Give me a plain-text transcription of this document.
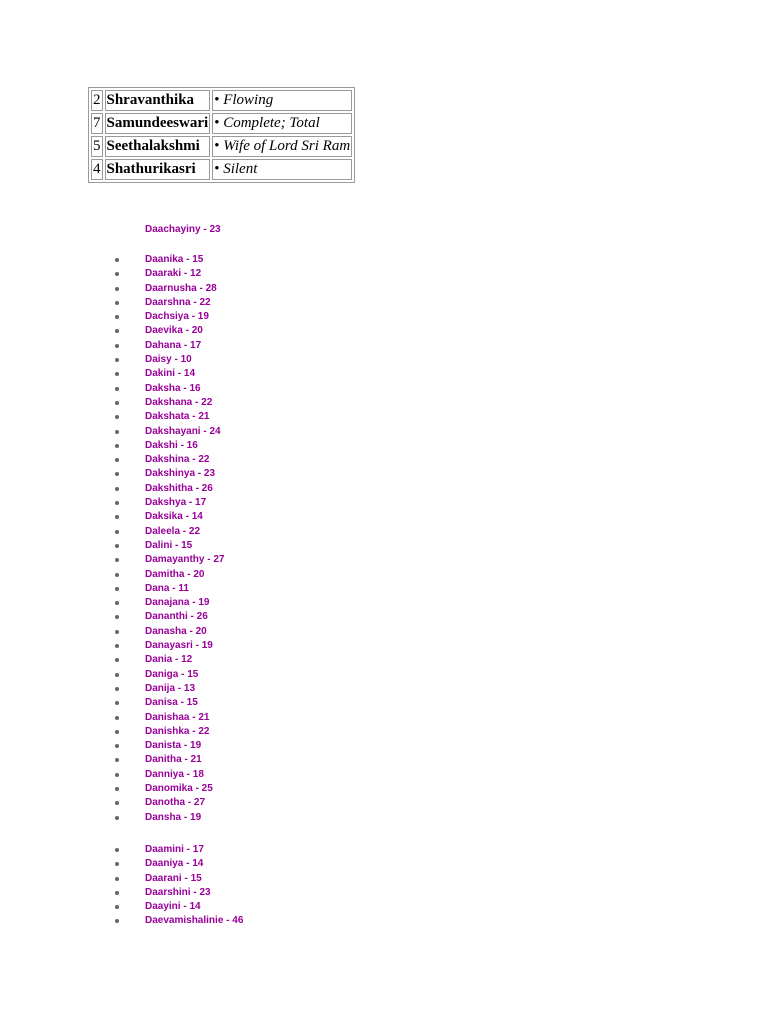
2	Shravanthika	• Flowing
7	Samundeeswari	• Complete; Total
5	Seethalakshmi	• Wife of Lord Sri Ram
4	Shathurikasri	• Silent

Daachayiny - 23

Daanika - 15
Daaraki - 12
Daarnusha - 28
Daarshna - 22
Dachsiya - 19
Daevika - 20
Dahana - 17
Daisy - 10
Dakini - 14
Daksha - 16
Dakshana - 22
Dakshata - 21
Dakshayani - 24
Dakshi - 16
Dakshina - 22
Dakshinya - 23
Dakshitha - 26
Dakshya - 17
Daksika - 14
Daleela - 22
Dalini - 15
Damayanthy - 27
Damitha - 20
Dana - 11
Danajana - 19
Dananthi - 26
Danasha - 20
Danayasri - 19
Dania - 12
Daniga - 15
Danija - 13
Danisa - 15
Danishaa - 21
Danishka - 22
Danista - 19
Danitha - 21
Danniya - 18
Danomika - 25
Danotha - 27
Dansha - 19
Daamini - 17
Daaniya - 14
Daarani - 15
Daarshini - 23
Daayini - 14
Daevamishalinie - 46
